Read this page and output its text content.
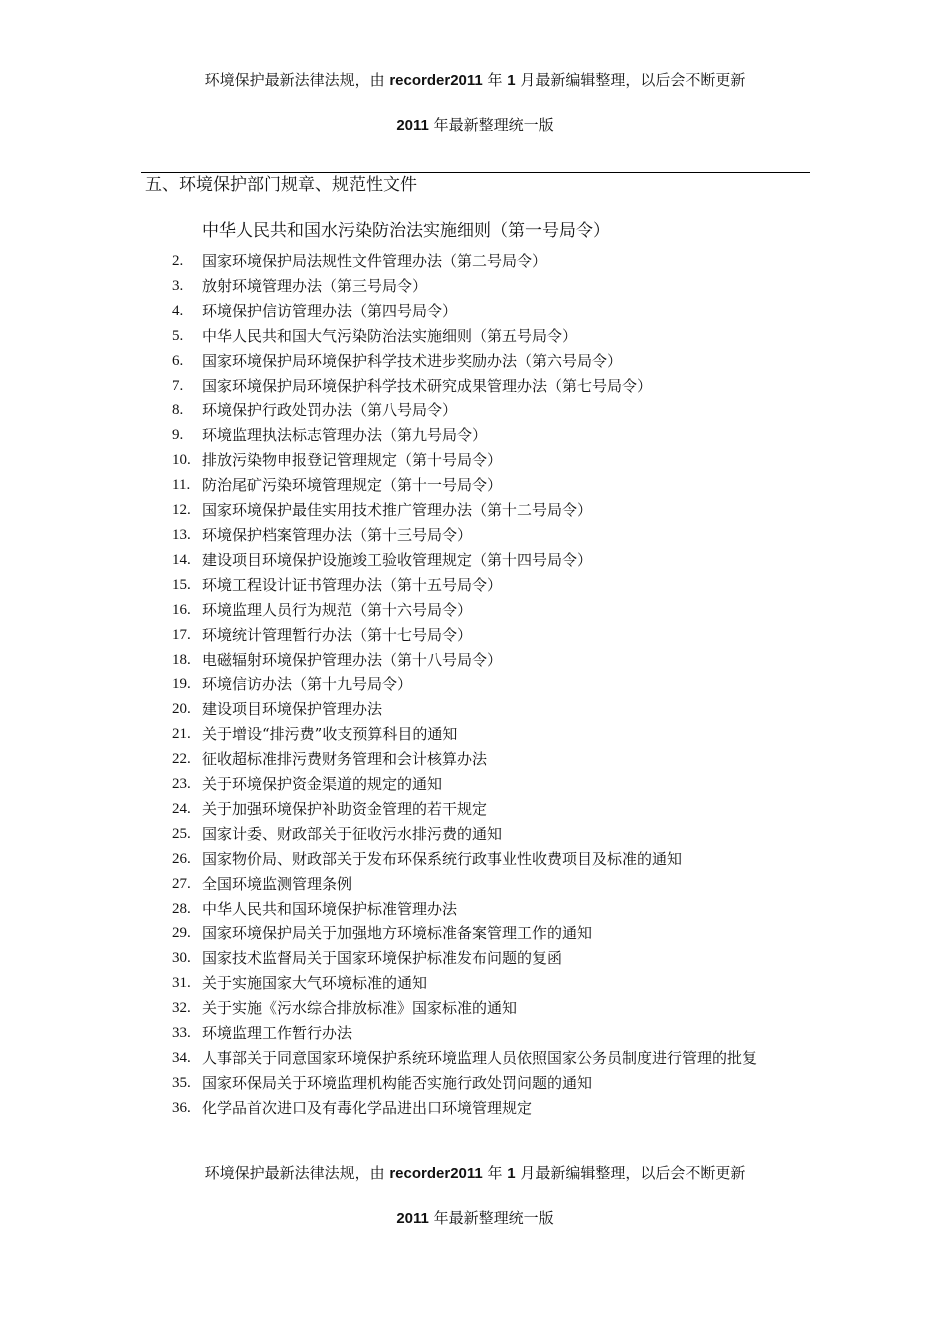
环境保护最新法律法规，由 recorder2011 年 1 月最新编辑整理，以后会不断更新
2011 年最新整理统一版
五、环境保护部门规章、规范性文件
中华人民共和国水污染防治法实施细则（第一号局令）
2. 国家环境保护局法规性文件管理办法（第二号局令）
3. 放射环境管理办法（第三号局令）
4. 环境保护信访管理办法（第四号局令）
5. 中华人民共和国大气污染防治法实施细则（第五号局令）
6. 国家环境保护局环境保护科学技术进步奖励办法（第六号局令）
7. 国家环境保护局环境保护科学技术研究成果管理办法（第七号局令）
8. 环境保护行政处罚办法（第八号局令）
9. 环境监理执法标志管理办法（第九号局令）
10. 排放污染物申报登记管理规定（第十号局令）
11. 防治尾矿污染环境管理规定（第十一号局令）
12. 国家环境保护最佳实用技术推广管理办法（第十二号局令）
13. 环境保护档案管理办法（第十三号局令）
14. 建设项目环境保护设施竣工验收管理规定（第十四号局令）
15. 环境工程设计证书管理办法（第十五号局令）
16. 环境监理人员行为规范（第十六号局令）
17. 环境统计管理暂行办法（第十七号局令）
18. 电磁辐射环境保护管理办法（第十八号局令）
19. 环境信访办法（第十九号局令）
20. 建设项目环境保护管理办法
21. 关于增设“排污费”收支预算科目的通知
22. 征收超标准排污费财务管理和会计核算办法
23. 关于环境保护资金渠道的规定的通知
24. 关于加强环境保护补助资金管理的若干规定
25. 国家计委、财政部关于征收污水排污费的通知
26. 国家物价局、财政部关于发布环保系统行政事业性收费项目及标准的通知
27. 全国环境监测管理条例
28. 中华人民共和国环境保护标准管理办法
29. 国家环境保护局关于加强地方环境标准备案管理工作的通知
30. 国家技术监督局关于国家环境保护标准发布问题的复函
31. 关于实施国家大气环境标准的通知
32. 关于实施《污水综合排放标准》国家标准的通知
33. 环境监理工作暂行办法
34. 人事部关于同意国家环境保护系统环境监理人员依照国家公务员制度进行管理的批复
35. 国家环保局关于环境监理机构能否实施行政处罚问题的通知
36. 化学品首次进口及有毒化学品进出口环境管理规定
环境保护最新法律法规，由 recorder2011 年 1 月最新编辑整理，以后会不断更新
2011 年最新整理统一版
